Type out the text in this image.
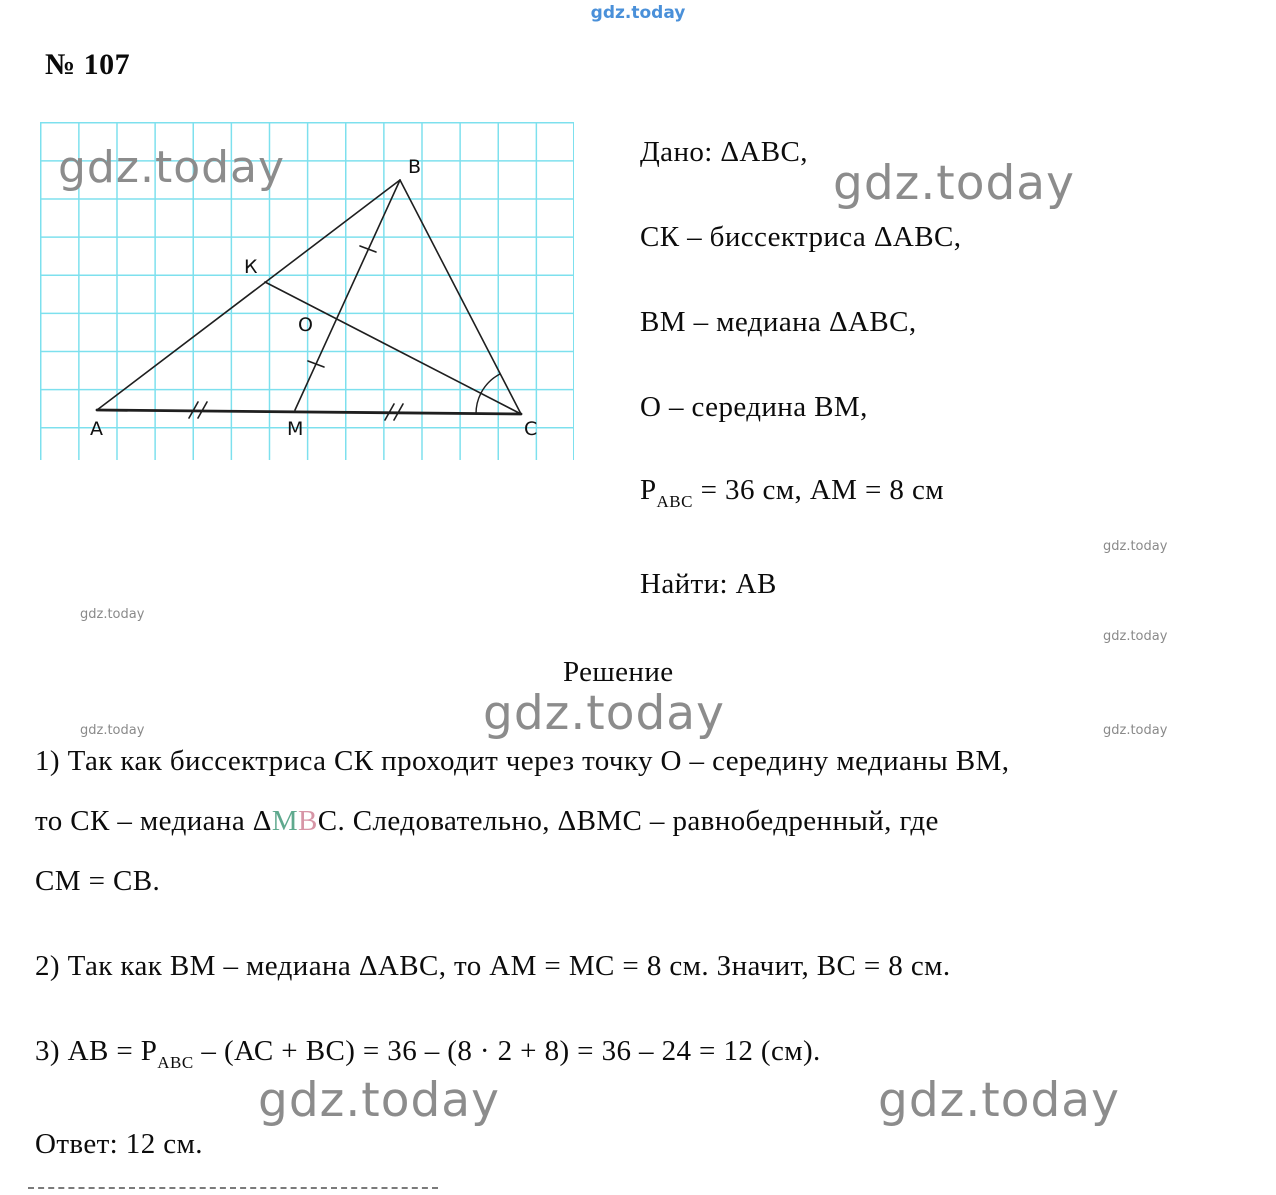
gdz.today
№ 107
gdz.today
А
В
С
К
О
М
Дано: ΔАВС,
gdz.today
СК – биссектриса ΔАВС,
ВМ – медиана ΔАВС,
О – середина ВМ,
$Р_{АВС} = 36$ см, АМ = 8 см
Найти: АВ
gdz.today
gdz.today
gdz.today
gdz.today	gdz.today
Решение
gdz.today
1) Так как биссектриса СК проходит через точку О – середину медианы ВМ,
то СК – медиана ΔМВС. Следовательно, ΔВМС – равнобедренный, где
СМ = СВ.
2) Так как ВМ – медиана ΔАВС, то АМ = МС = 8 см. Значит, ВС = 8 см.
3) АВ = $Р_{АВС} - (АС + ВС) = 36 - (8 \cdot 2 + 8) = 36 - 24 = 12$ (см).
gdz.today	gdz.today
Ответ: 12 см.
